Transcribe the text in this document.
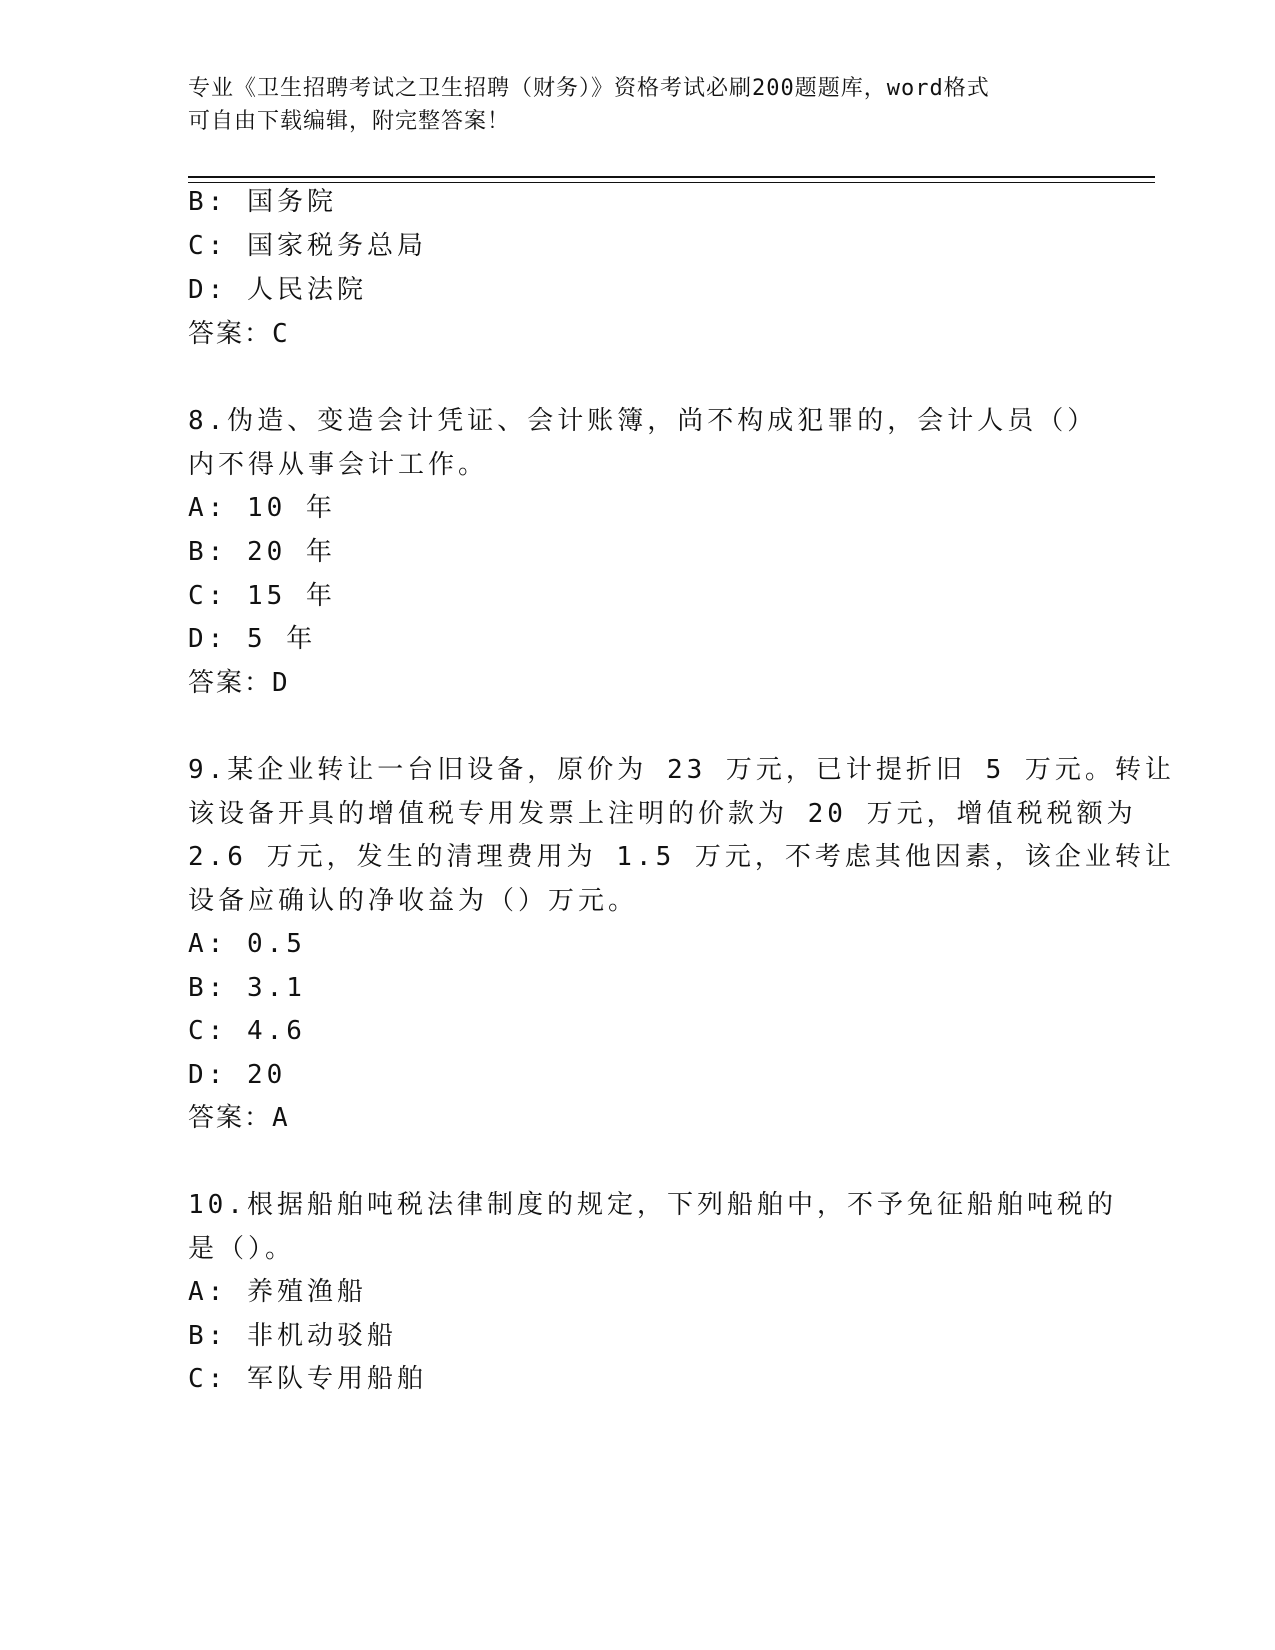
专业《卫生招聘考试之卫生招聘（财务）》资格考试必刷200题题库，word格式
可自由下载编辑，附完整答案！
B: 国务院
C: 国家税务总局
D: 人民法院
答案：C
8.伪造、变造会计凭证、会计账簿，尚不构成犯罪的，会计人员（）
内不得从事会计工作。
A: 10 年
B: 20 年
C: 15 年
D: 5 年
答案：D
9.某企业转让一台旧设备，原价为 23 万元，已计提折旧 5 万元。转让
该设备开具的增值税专用发票上注明的价款为 20 万元，增值税税额为
2.6 万元，发生的清理费用为 1.5 万元，不考虑其他因素，该企业转让
设备应确认的净收益为（）万元。
A: 0.5
B: 3.1
C: 4.6
D: 20
答案：A
10.根据船舶吨税法律制度的规定，下列船舶中，不予免征船舶吨税的
是（）。
A: 养殖渔船
B: 非机动驳船
C: 军队专用船舶
